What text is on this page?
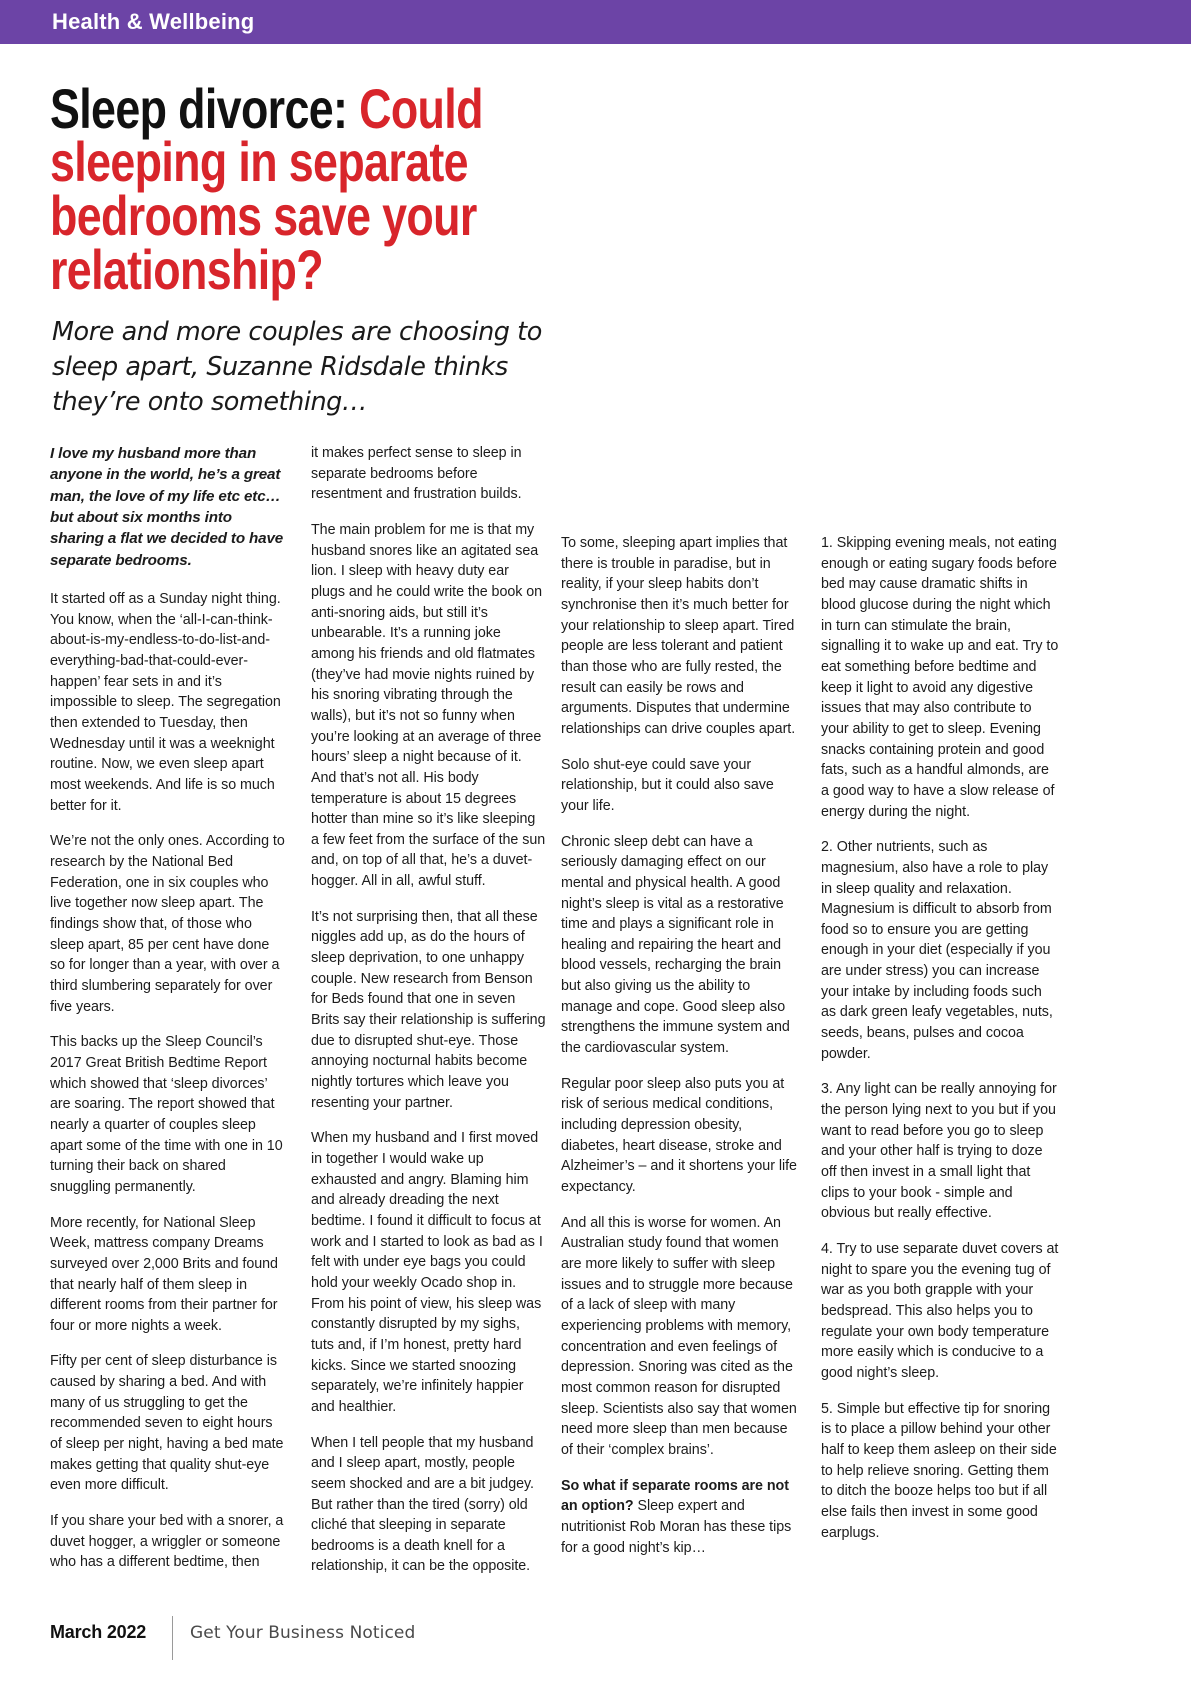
Health & Wellbeing
Sleep divorce: Could sleeping in separate bedrooms save your relationship?
More and more couples are choosing to sleep apart, Suzanne Ridsdale thinks they’re onto something…

I love my husband more than anyone in the world, he’s a great man, the love of my life etc etc… but about six months into sharing a flat we decided to have separate bedrooms.

It started off as a Sunday night thing. You know, when the ‘all-I-can-think-about-is-my-endless-to-do-list-and-everything-bad-that-could-ever-happen’ fear sets in and it’s impossible to sleep. The segregation then extended to Tuesday, then Wednesday until it was a weeknight routine. Now, we even sleep apart most weekends. And life is so much better for it.

We’re not the only ones. According to research by the National Bed Federation, one in six couples who live together now sleep apart. The findings show that, of those who sleep apart, 85 per cent have done so for longer than a year, with over a third slumbering separately for over five years.

This backs up the Sleep Council’s 2017 Great British Bedtime Report which showed that ‘sleep divorces’ are soaring. The report showed that nearly a quarter of couples sleep apart some of the time with one in 10 turning their back on shared snuggling permanently.

More recently, for National Sleep Week, mattress company Dreams surveyed over 2,000 Brits and found that nearly half of them sleep in different rooms from their partner for four or more nights a week.

Fifty per cent of sleep disturbance is caused by sharing a bed. And with many of us struggling to get the recommended seven to eight hours of sleep per night, having a bed mate makes getting that quality shut-eye even more difficult.

If you share your bed with a snorer, a duvet hogger, a wriggler or someone who has a different bedtime, then

it makes perfect sense to sleep in separate bedrooms before resentment and frustration builds.

The main problem for me is that my husband snores like an agitated sea lion. I sleep with heavy duty ear plugs and he could write the book on anti-snoring aids, but still it’s unbearable. It’s a running joke among his friends and old flatmates (they’ve had movie nights ruined by his snoring vibrating through the walls), but it’s not so funny when you’re looking at an average of three hours’ sleep a night because of it. And that’s not all. His body temperature is about 15 degrees hotter than mine so it’s like sleeping a few feet from the surface of the sun and, on top of all that, he’s a duvet-hogger. All in all, awful stuff.

It’s not surprising then, that all these niggles add up, as do the hours of sleep deprivation, to one unhappy couple. New research from Benson for Beds found that one in seven Brits say their relationship is suffering due to disrupted shut-eye. Those annoying nocturnal habits become nightly tortures which leave you resenting your partner.

When my husband and I first moved in together I would wake up exhausted and angry. Blaming him and already dreading the next bedtime. I found it difficult to focus at work and I started to look as bad as I felt with under eye bags you could hold your weekly Ocado shop in. From his point of view, his sleep was constantly disrupted by my sighs, tuts and, if I’m honest, pretty hard kicks. Since we started snoozing separately, we’re infinitely happier and healthier.

When I tell people that my husband and I sleep apart, mostly, people seem shocked and are a bit judgey. But rather than the tired (sorry) old cliché that sleeping in separate bedrooms is a death knell for a relationship, it can be the opposite.

To some, sleeping apart implies that there is trouble in paradise, but in reality, if your sleep habits don’t synchronise then it’s much better for your relationship to sleep apart. Tired people are less tolerant and patient than those who are fully rested, the result can easily be rows and arguments. Disputes that undermine relationships can drive couples apart.

Solo shut-eye could save your relationship, but it could also save your life.

Chronic sleep debt can have a seriously damaging effect on our mental and physical health. A good night’s sleep is vital as a restorative time and plays a significant role in healing and repairing the heart and blood vessels, recharging the brain but also giving us the ability to manage and cope. Good sleep also strengthens the immune system and the cardiovascular system.

Regular poor sleep also puts you at risk of serious medical conditions, including depression obesity, diabetes, heart disease, stroke and Alzheimer’s – and it shortens your life expectancy.

And all this is worse for women. An Australian study found that women are more likely to suffer with sleep issues and to struggle more because of a lack of sleep with many experiencing problems with memory, concentration and even feelings of depression. Snoring was cited as the most common reason for disrupted sleep. Scientists also say that women need more sleep than men because of their ‘complex brains’.

So what if separate rooms are not an option? Sleep expert and nutritionist Rob Moran has these tips for a good night’s kip…

1. Skipping evening meals, not eating enough or eating sugary foods before bed may cause dramatic shifts in blood glucose during the night which in turn can stimulate the brain, signalling it to wake up and eat. Try to eat something before bedtime and keep it light to avoid any digestive issues that may also contribute to your ability to get to sleep. Evening snacks containing protein and good fats, such as a handful almonds, are a good way to have a slow release of energy during the night.

2. Other nutrients, such as magnesium, also have a role to play in sleep quality and relaxation. Magnesium is difficult to absorb from food so to ensure you are getting enough in your diet (especially if you are under stress) you can increase your intake by including foods such as dark green leafy vegetables, nuts, seeds, beans, pulses and cocoa powder.

3. Any light can be really annoying for the person lying next to you but if you want to read before you go to sleep and your other half is trying to doze off then invest in a small light that clips to your book - simple and obvious but really effective.

4. Try to use separate duvet covers at night to spare you the evening tug of war as you both grapple with your bedspread. This also helps you to regulate your own body temperature more easily which is conducive to a good night’s sleep.

5. Simple but effective tip for snoring is to place a pillow behind your other half to keep them asleep on their side to help relieve snoring. Getting them to ditch the booze helps too but if all else fails then invest in some good earplugs.

March 2022	Get Your Business Noticed
